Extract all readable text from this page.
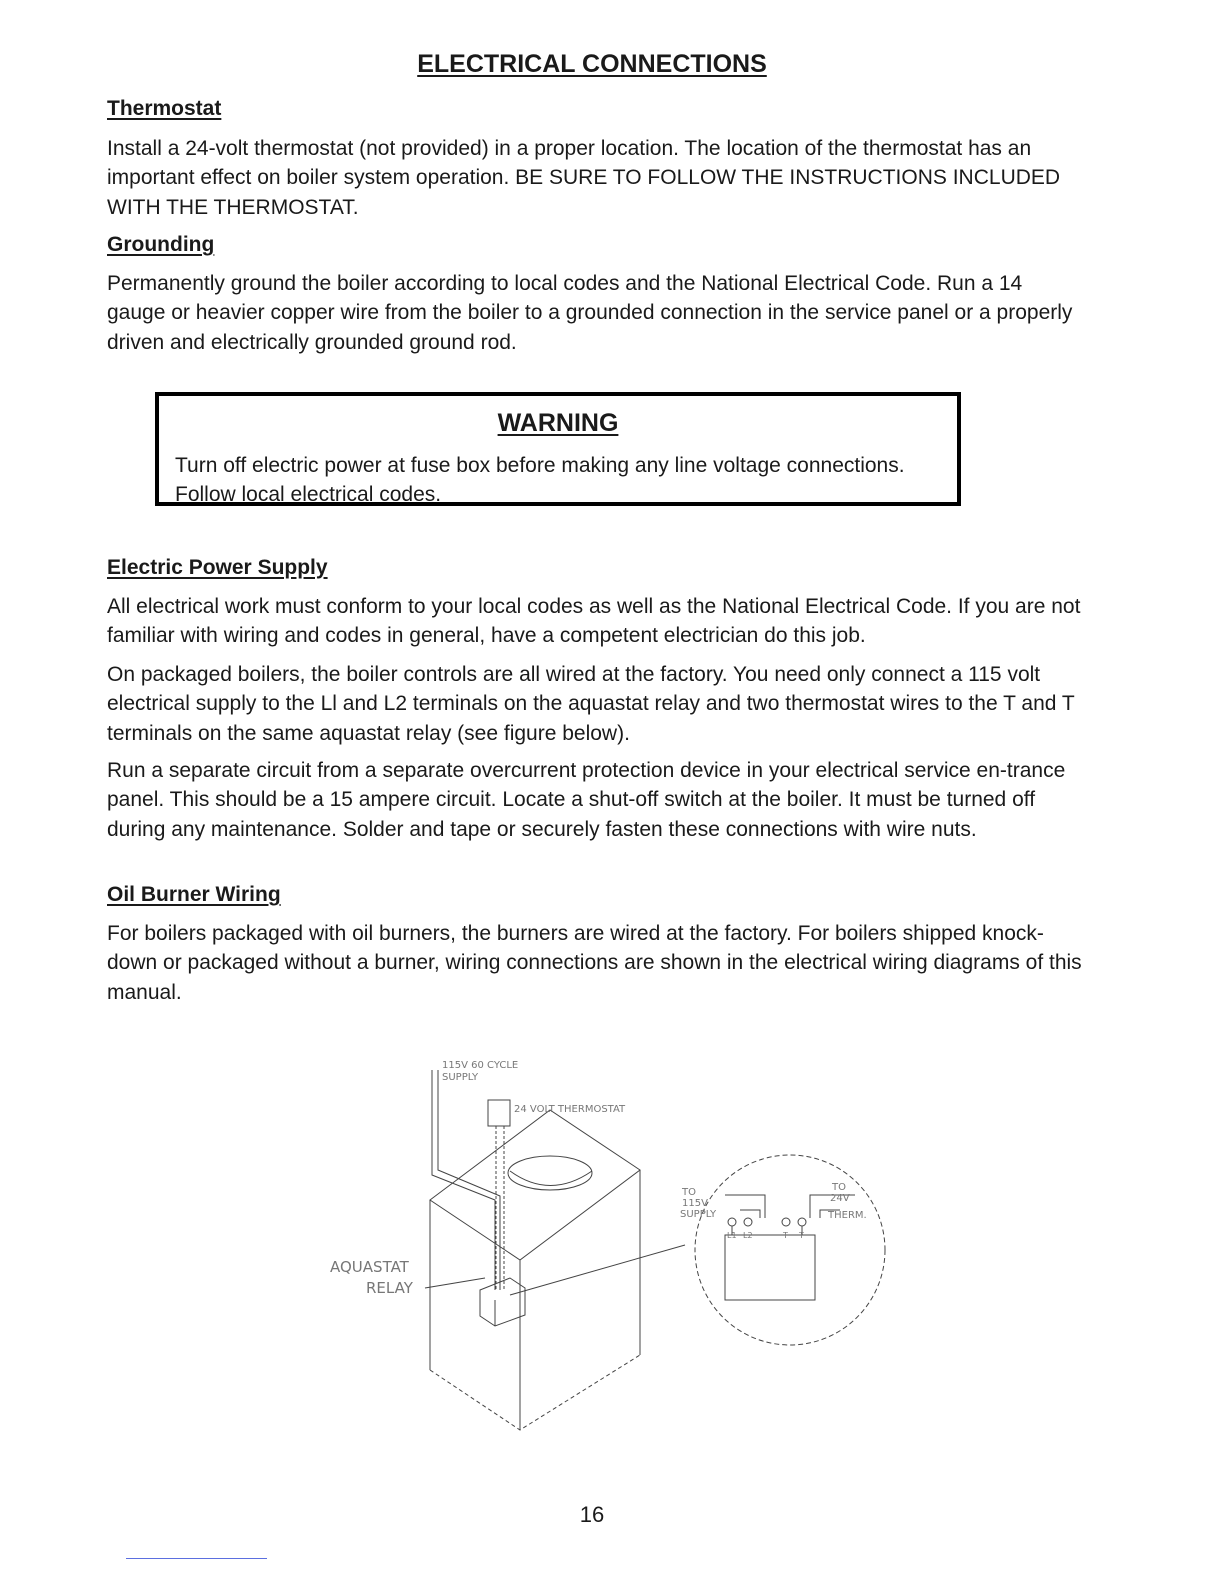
ELECTRICAL CONNECTIONS
Thermostat

Install a 24-volt thermostat (not provided) in a proper location. The location of the thermostat has an important effect on boiler system operation. BE SURE TO FOLLOW THE INSTRUCTIONS INCLUDED WITH THE THERMOSTAT.

Grounding

Permanently ground the boiler according to local codes and the National Electrical Code. Run a 14 gauge or heavier copper wire from the boiler to a grounded connection in the service panel or a properly driven and electrically grounded ground rod.

WARNING

Turn off electric power at fuse box before making any line voltage connections. Follow local electrical codes.

Electric Power Supply

All electrical work must conform to your local codes as well as the National Electrical Code. If you are not familiar with wiring and codes in general, have a competent electrician do this job.

On packaged boilers, the boiler controls are all wired at the factory. You need only connect a 115 volt electrical supply to the Ll and L2 terminals on the aquastat relay and two thermostat wires to the T and T terminals on the same aquastat relay (see figure below).

Run a separate circuit from a separate overcurrent protection device in your electrical service en-trance panel. This should be a 15 ampere circuit. Locate a shut-off switch at the boiler. It must be turned off during any maintenance. Solder and tape or securely fasten these connections with wire nuts.

Oil Burner Wiring

For boilers packaged with oil burners, the burners are wired at the factory. For boilers shipped knock-down or packaged without a burner, wiring connections are shown in the electrical wiring diagrams of this manual.

115V 60 CYCLE
SUPPLY
24 VOLT THERMOSTAT
AQUASTAT
RELAY
TO
115V
SUPPLY
TO
24V
THERM.
L1 L2	T T
16
